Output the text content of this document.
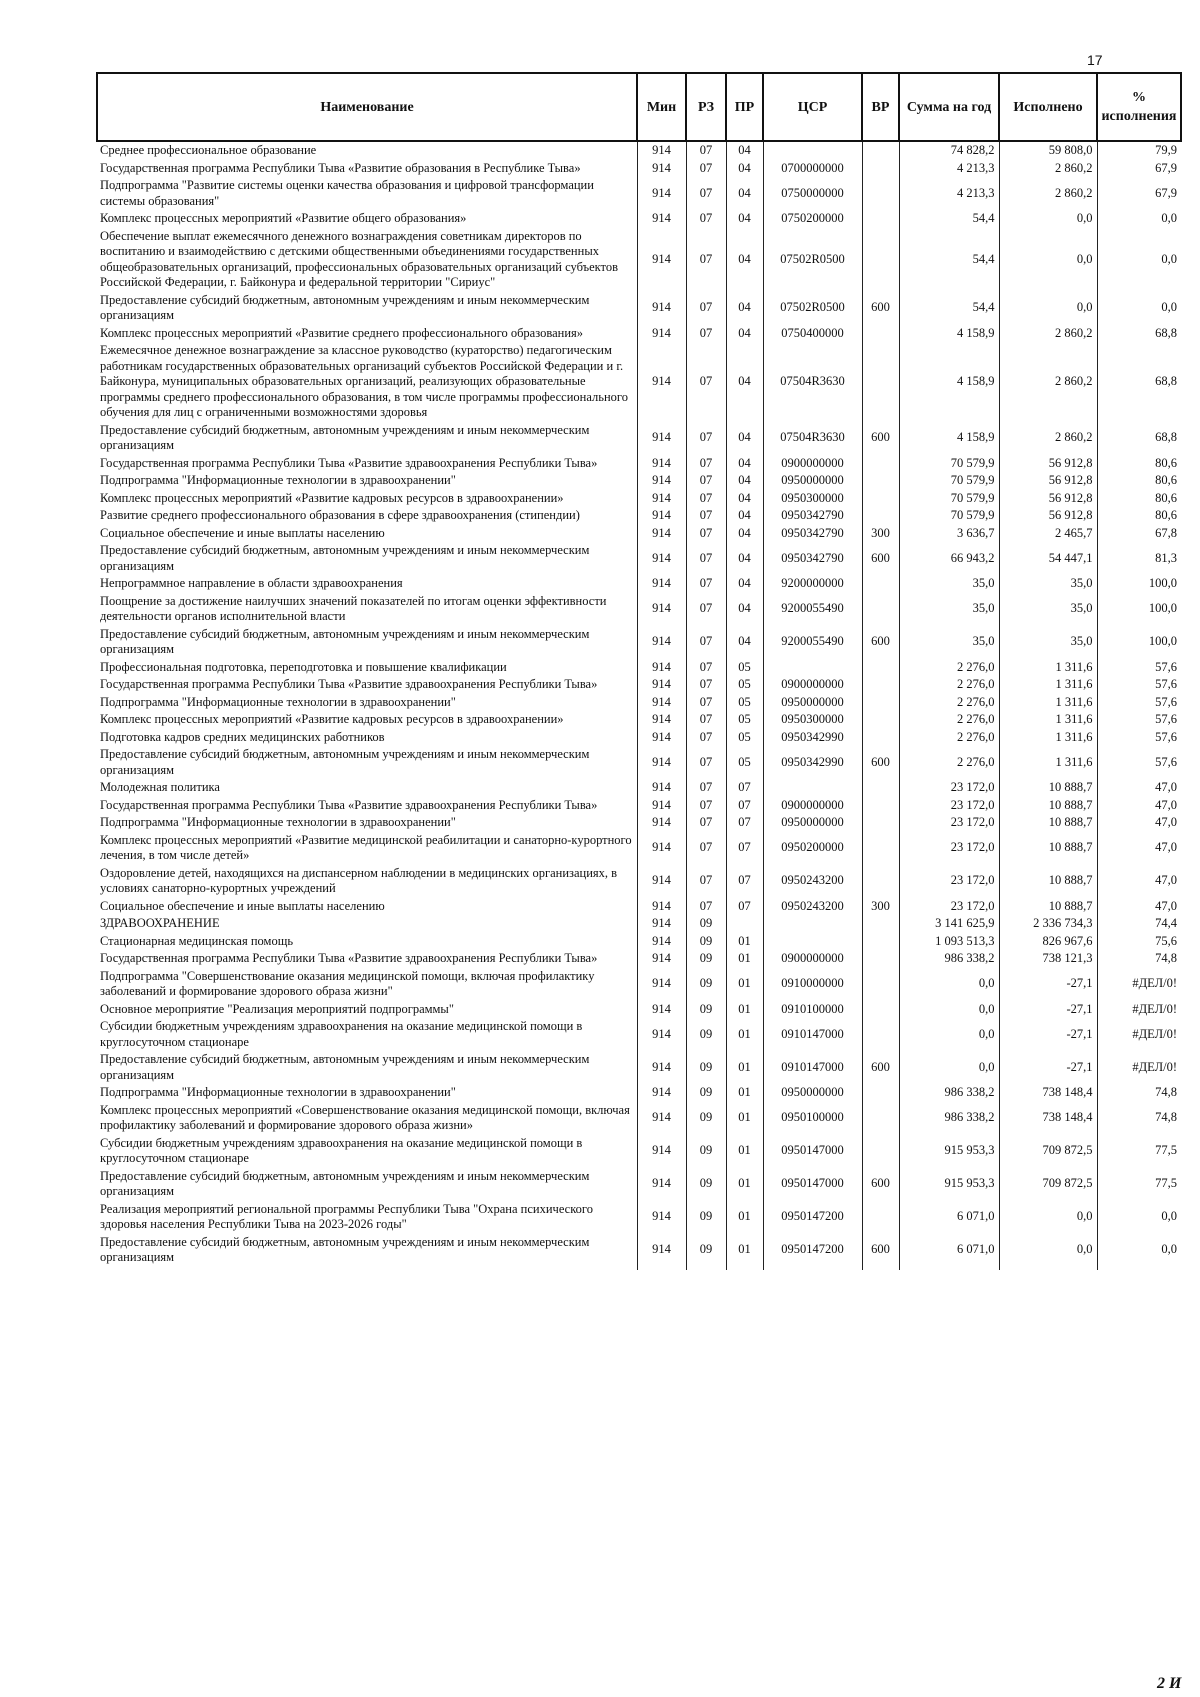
17
Наименование	Мин	РЗ	ПР	ЦСР	ВР	Сумма на год	Исполнено	% исполнения
Среднее профессиональное образование	914	07	04			74 828,2	59 808,0	79,9
Государственная программа Республики Тыва «Развитие образования в Республике Тыва»	914	07	04	0700000000		4 213,3	2 860,2	67,9
Подпрограмма "Развитие системы оценки качества образования и цифровой трансформации системы образования"	914	07	04	0750000000		4 213,3	2 860,2	67,9
Комплекс процессных мероприятий «Развитие общего образования»	914	07	04	0750200000		54,4	0,0	0,0
Обеспечение выплат ежемесячного денежного вознаграждения советникам директоров по воспитанию и взаимодействию с детскими общественными объединениями государственных общеобразовательных организаций, профессиональных образовательных организаций субъектов Российской Федерации, г. Байконура и федеральной территории "Сириус"	914	07	04	07502R0500		54,4	0,0	0,0
Предоставление субсидий бюджетным, автономным учреждениям и иным некоммерческим организациям	914	07	04	07502R0500	600	54,4	0,0	0,0
Комплекс процессных мероприятий «Развитие среднего профессионального образования»	914	07	04	0750400000		4 158,9	2 860,2	68,8
Ежемесячное денежное вознаграждение за классное руководство (кураторство) педагогическим работникам государственных образовательных организаций субъектов Российской Федерации и г. Байконура, муниципальных образовательных организаций, реализующих образовательные программы среднего профессионального образования, в том числе программы профессионального обучения для лиц с ограниченными возможностями здоровья	914	07	04	07504R3630		4 158,9	2 860,2	68,8
Предоставление субсидий бюджетным, автономным учреждениям и иным некоммерческим организациям	914	07	04	07504R3630	600	4 158,9	2 860,2	68,8
Государственная программа Республики Тыва «Развитие здравоохранения Республики Тыва»	914	07	04	0900000000		70 579,9	56 912,8	80,6
Подпрограмма "Информационные технологии в здравоохранении"	914	07	04	0950000000		70 579,9	56 912,8	80,6
Комплекс процессных мероприятий «Развитие кадровых ресурсов в здравоохранении»	914	07	04	0950300000		70 579,9	56 912,8	80,6
Развитие среднего профессионального образования в сфере здравоохранения (стипендии)	914	07	04	0950342790		70 579,9	56 912,8	80,6
Социальное обеспечение и иные выплаты населению	914	07	04	0950342790	300	3 636,7	2 465,7	67,8
Предоставление субсидий бюджетным, автономным учреждениям и иным некоммерческим организациям	914	07	04	0950342790	600	66 943,2	54 447,1	81,3
Непрограммное направление в области здравоохранения	914	07	04	9200000000		35,0	35,0	100,0
Поощрение за достижение наилучших значений показателей по итогам оценки эффективности деятельности органов исполнительной власти	914	07	04	9200055490		35,0	35,0	100,0
Предоставление субсидий бюджетным, автономным учреждениям и иным некоммерческим организациям	914	07	04	9200055490	600	35,0	35,0	100,0
Профессиональная подготовка, переподготовка и повышение квалификации	914	07	05			2 276,0	1 311,6	57,6
Государственная программа Республики Тыва «Развитие здравоохранения Республики Тыва»	914	07	05	0900000000		2 276,0	1 311,6	57,6
Подпрограмма "Информационные технологии в здравоохранении"	914	07	05	0950000000		2 276,0	1 311,6	57,6
Комплекс процессных мероприятий «Развитие кадровых ресурсов в здравоохранении»	914	07	05	0950300000		2 276,0	1 311,6	57,6
Подготовка кадров средних медицинских работников	914	07	05	0950342990		2 276,0	1 311,6	57,6
Предоставление субсидий бюджетным, автономным учреждениям и иным некоммерческим организациям	914	07	05	0950342990	600	2 276,0	1 311,6	57,6
Молодежная политика	914	07	07			23 172,0	10 888,7	47,0
Государственная программа Республики Тыва «Развитие здравоохранения Республики Тыва»	914	07	07	0900000000		23 172,0	10 888,7	47,0
Подпрограмма "Информационные технологии в здравоохранении"	914	07	07	0950000000		23 172,0	10 888,7	47,0
Комплекс процессных мероприятий «Развитие медицинской реабилитации и санаторно-курортного лечения, в том числе детей»	914	07	07	0950200000		23 172,0	10 888,7	47,0
Оздоровление детей, находящихся на диспансерном наблюдении в медицинских организациях, в условиях санаторно-курортных учреждений	914	07	07	0950243200		23 172,0	10 888,7	47,0
Социальное обеспечение и иные выплаты населению	914	07	07	0950243200	300	23 172,0	10 888,7	47,0
ЗДРАВООХРАНЕНИЕ	914	09				3 141 625,9	2 336 734,3	74,4
Стационарная медицинская помощь	914	09	01			1 093 513,3	826 967,6	75,6
Государственная программа Республики Тыва «Развитие здравоохранения Республики Тыва»	914	09	01	0900000000		986 338,2	738 121,3	74,8
Подпрограмма "Совершенствование оказания медицинской помощи, включая профилактику заболеваний и формирование здорового образа жизни"	914	09	01	0910000000		0,0	-27,1	#ДЕЛ/0!
Основное мероприятие "Реализация мероприятий подпрограммы"	914	09	01	0910100000		0,0	-27,1	#ДЕЛ/0!
Субсидии бюджетным учреждениям здравоохранения на оказание медицинской помощи в круглосуточном стационаре	914	09	01	0910147000		0,0	-27,1	#ДЕЛ/0!
Предоставление субсидий бюджетным, автономным учреждениям и иным некоммерческим организациям	914	09	01	0910147000	600	0,0	-27,1	#ДЕЛ/0!
Подпрограмма "Информационные технологии в здравоохранении"	914	09	01	0950000000		986 338,2	738 148,4	74,8
Комплекс процессных мероприятий «Совершенствование оказания медицинской помощи, включая профилактику заболеваний и формирование здорового образа жизни»	914	09	01	0950100000		986 338,2	738 148,4	74,8
Субсидии бюджетным учреждениям здравоохранения на оказание медицинской помощи в круглосуточном стационаре	914	09	01	0950147000		915 953,3	709 872,5	77,5
Предоставление субсидий бюджетным, автономным учреждениям и иным некоммерческим организациям	914	09	01	0950147000	600	915 953,3	709 872,5	77,5
Реализация мероприятий региональной программы Республики Тыва "Охрана психического здоровья населения Республики Тыва на 2023-2026 годы"	914	09	01	0950147200		6 071,0	0,0	0,0
Предоставление субсидий бюджетным, автономным учреждениям и иным некоммерческим организациям	914	09	01	0950147200	600	6 071,0	0,0	0,0
2 И
